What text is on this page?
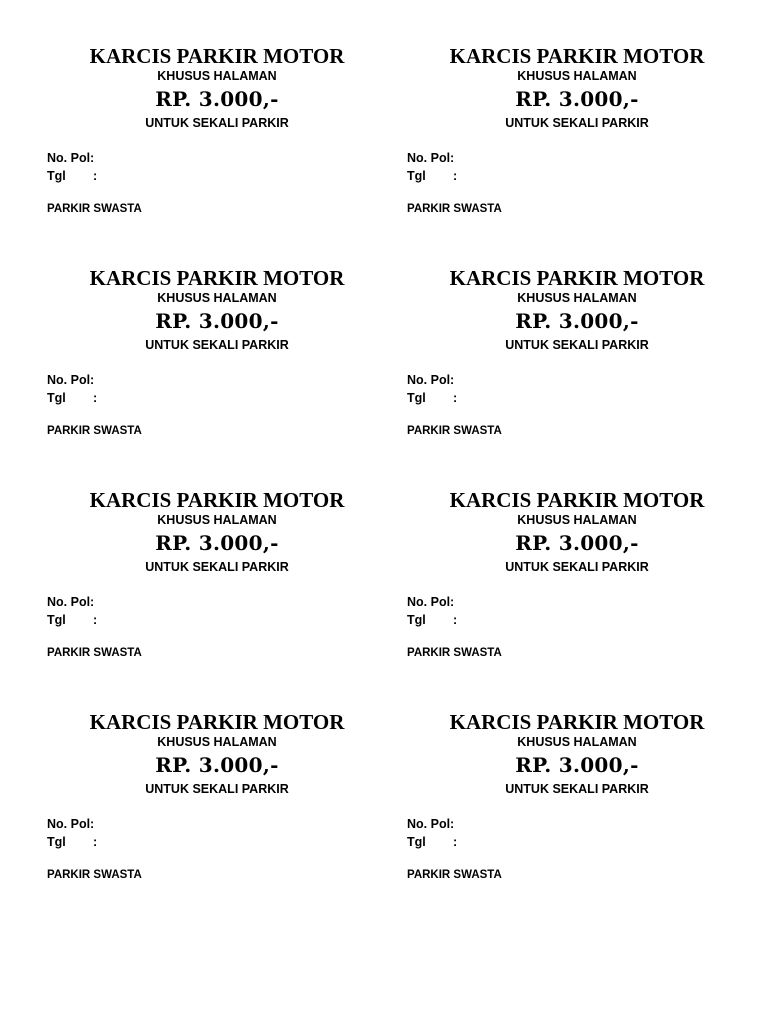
KARCIS PARKIR MOTOR
KHUSUS HALAMAN
RP. 3.000,-
UNTUK SEKALI PARKIR
No. Pol:
Tgl :
PARKIR SWASTA
KARCIS PARKIR MOTOR
KHUSUS HALAMAN
RP. 3.000,-
UNTUK SEKALI PARKIR
No. Pol:
Tgl :
PARKIR SWASTA
KARCIS PARKIR MOTOR
KHUSUS HALAMAN
RP. 3.000,-
UNTUK SEKALI PARKIR
No. Pol:
Tgl :
PARKIR SWASTA
KARCIS PARKIR MOTOR
KHUSUS HALAMAN
RP. 3.000,-
UNTUK SEKALI PARKIR
No. Pol:
Tgl :
PARKIR SWASTA
KARCIS PARKIR MOTOR
KHUSUS HALAMAN
RP. 3.000,-
UNTUK SEKALI PARKIR
No. Pol:
Tgl :
PARKIR SWASTA
KARCIS PARKIR MOTOR
KHUSUS HALAMAN
RP. 3.000,-
UNTUK SEKALI PARKIR
No. Pol:
Tgl :
PARKIR SWASTA
KARCIS PARKIR MOTOR
KHUSUS HALAMAN
RP. 3.000,-
UNTUK SEKALI PARKIR
No. Pol:
Tgl :
PARKIR SWASTA
KARCIS PARKIR MOTOR
KHUSUS HALAMAN
RP. 3.000,-
UNTUK SEKALI PARKIR
No. Pol:
Tgl :
PARKIR SWASTA
